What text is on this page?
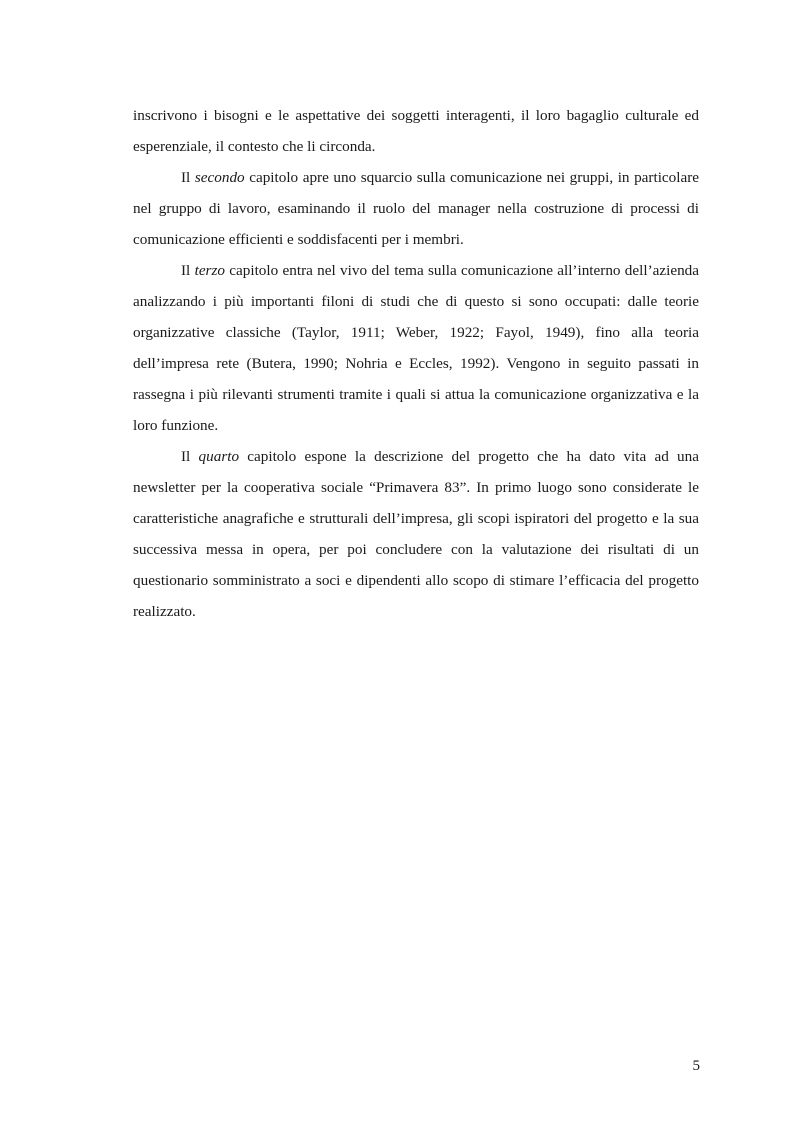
inscrivono i bisogni e le aspettative dei soggetti interagenti, il loro bagaglio culturale ed esperenziale, il contesto che li circonda.

Il secondo capitolo apre uno squarcio sulla comunicazione nei gruppi, in particolare nel gruppo di lavoro, esaminando il ruolo del manager nella costruzione di processi di comunicazione efficienti e soddisfacenti per i membri.

Il terzo capitolo entra nel vivo del tema sulla comunicazione all’interno dell’azienda analizzando i più importanti filoni di studi che di questo si sono occupati: dalle teorie organizzative classiche (Taylor, 1911; Weber, 1922; Fayol, 1949), fino alla teoria dell’impresa rete (Butera, 1990; Nohria e Eccles, 1992). Vengono in seguito passati in rassegna i più rilevanti strumenti tramite i quali si attua la comunicazione organizzativa e la loro funzione.

Il quarto capitolo espone la descrizione del progetto che ha dato vita ad una newsletter per la cooperativa sociale “Primavera 83”. In primo luogo sono considerate le caratteristiche anagrafiche e strutturali dell’impresa, gli scopi ispiratori del progetto e la sua successiva messa in opera, per poi concludere con la valutazione dei risultati di un questionario somministrato a soci e dipendenti allo scopo di stimare l’efficacia del progetto realizzato.

5
